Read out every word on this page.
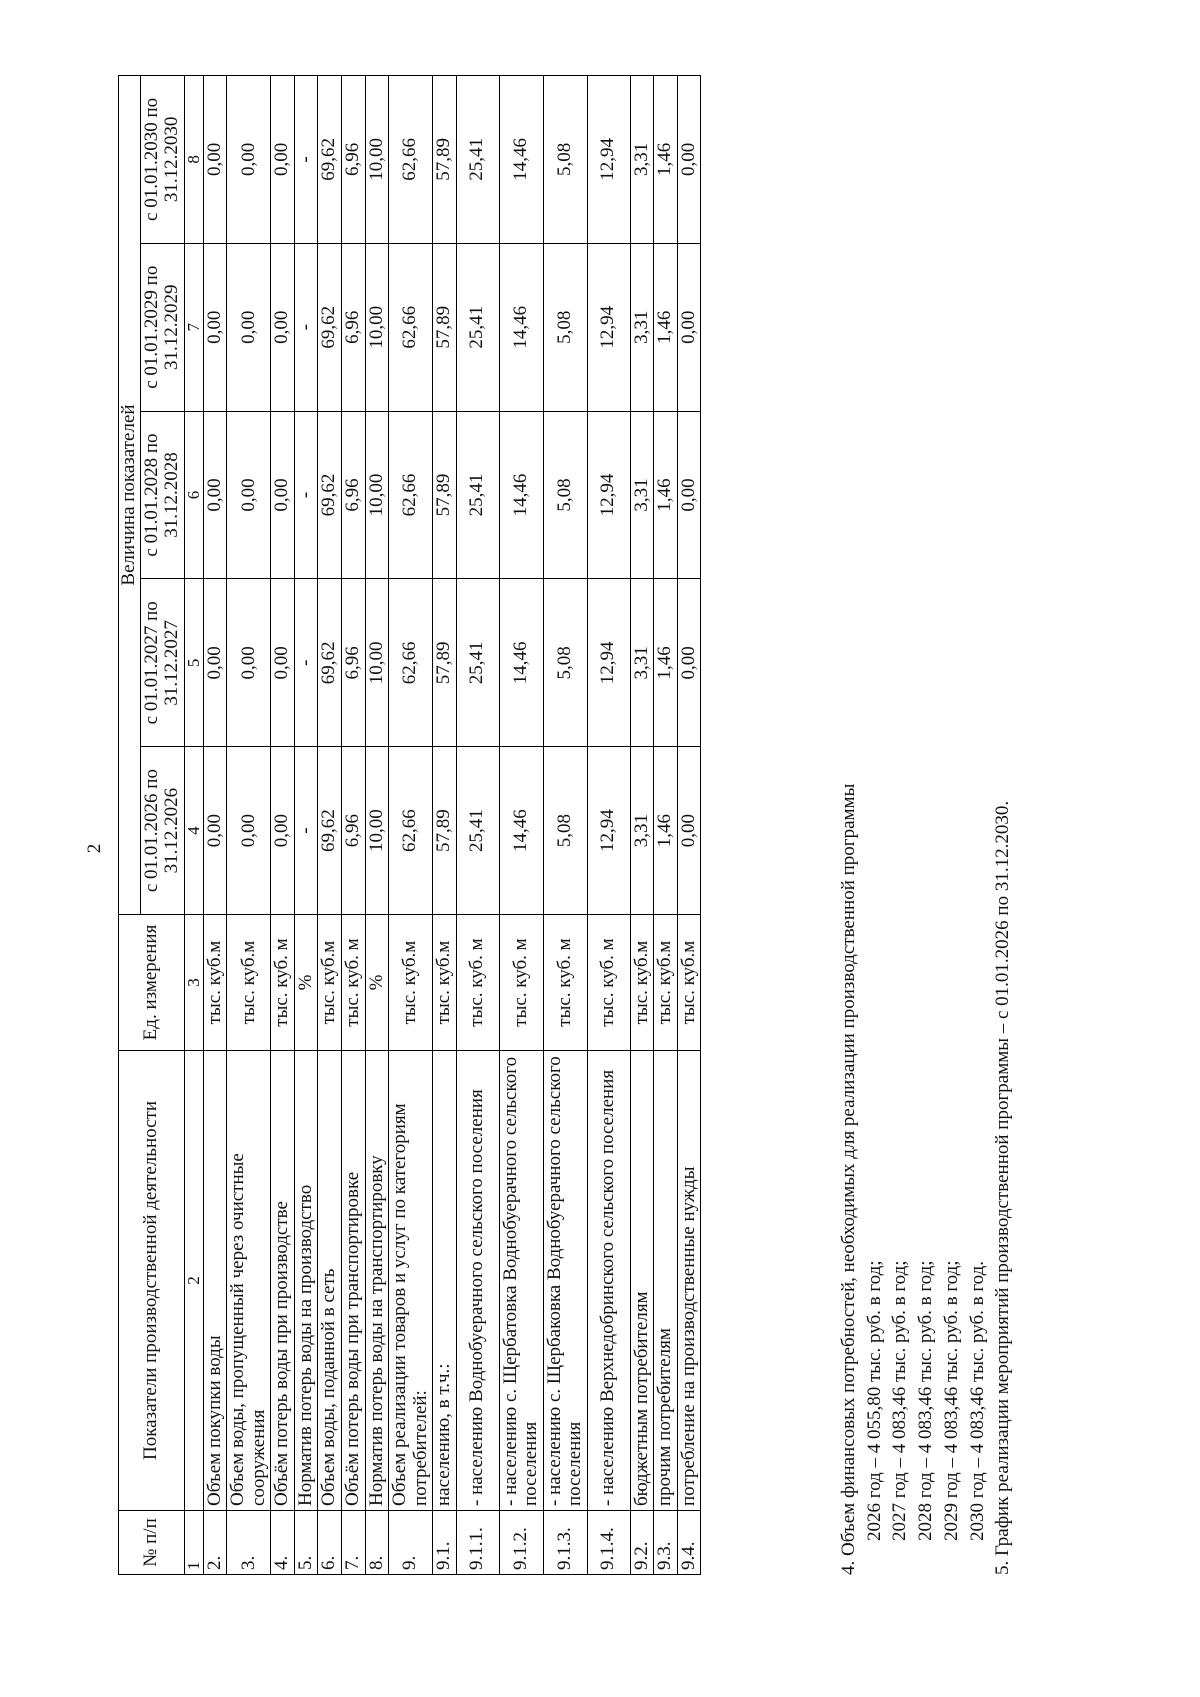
2
№ п/п	Показатели производственной деятельности	Ед. измерения	Величина показателей				
			с 01.01.2026 по 31.12.2026	с 01.01.2027 по 31.12.2027	с 01.01.2028 по 31.12.2028	с 01.01.2029 по 31.12.2029	с 01.01.2030 по 31.12.2030
1	2	3	4	5	6	7	8
2.	Объем покупки воды	тыс. куб.м	0,00	0,00	0,00	0,00	0,00
3.	Объем воды, пропущенный через очистные сооружения	тыс. куб.м	0,00	0,00	0,00	0,00	0,00
4.	Объём потерь воды при производстве	тыс. куб. м	0,00	0,00	0,00	0,00	0,00
5.	Норматив потерь воды на производство	%	-	-	-	-	-
6.	Объем воды, поданной в сеть	тыс. куб.м	69,62	69,62	69,62	69,62	69,62
7.	Объём потерь воды при транспортировке	тыс. куб. м	6,96	6,96	6,96	6,96	6,96
8.	Норматив потерь воды на транспортировку	%	10,00	10,00	10,00	10,00	10,00
9.	Объем реализации товаров и услуг по категориям потребителей:	тыс. куб.м	62,66	62,66	62,66	62,66	62,66
9.1.	населению, в т.ч.:	тыс. куб.м	57,89	57,89	57,89	57,89	57,89
9.1.1.	- населению Воднобуерачного сельского поселения	тыс. куб. м	25,41	25,41	25,41	25,41	25,41
9.1.2.	- населению с. Щербатовка Воднобуерачного сельского поселения	тыс. куб. м	14,46	14,46	14,46	14,46	14,46
9.1.3.	- населению с. Щербаковка Воднобуерачного сельского поселения	тыс. куб. м	5,08	5,08	5,08	5,08	5,08
9.1.4.	- населению Верхнедобринского сельского поселения	тыс. куб. м	12,94	12,94	12,94	12,94	12,94
9.2.	бюджетным потребителям	тыс. куб.м	3,31	3,31	3,31	3,31	3,31
9.3.	прочим потребителям	тыс. куб.м	1,46	1,46	1,46	1,46	1,46
9.4.	потребление на производственные нужды	тыс. куб.м	0,00	0,00	0,00	0,00	0,00
4. Объем финансовых потребностей, необходимых для реализации производственной программы 2026 год – 4 055,80 тыс. руб. в год; 2027 год – 4 083,46 тыс. руб. в год; 2028 год – 4 083,46 тыс. руб. в год; 2029 год – 4 083,46 тыс. руб. в год; 2030 год – 4 083,46 тыс. руб. в год. 5. График реализации мероприятий производственной программы – с 01.01.2026 по 31.12.2030.
